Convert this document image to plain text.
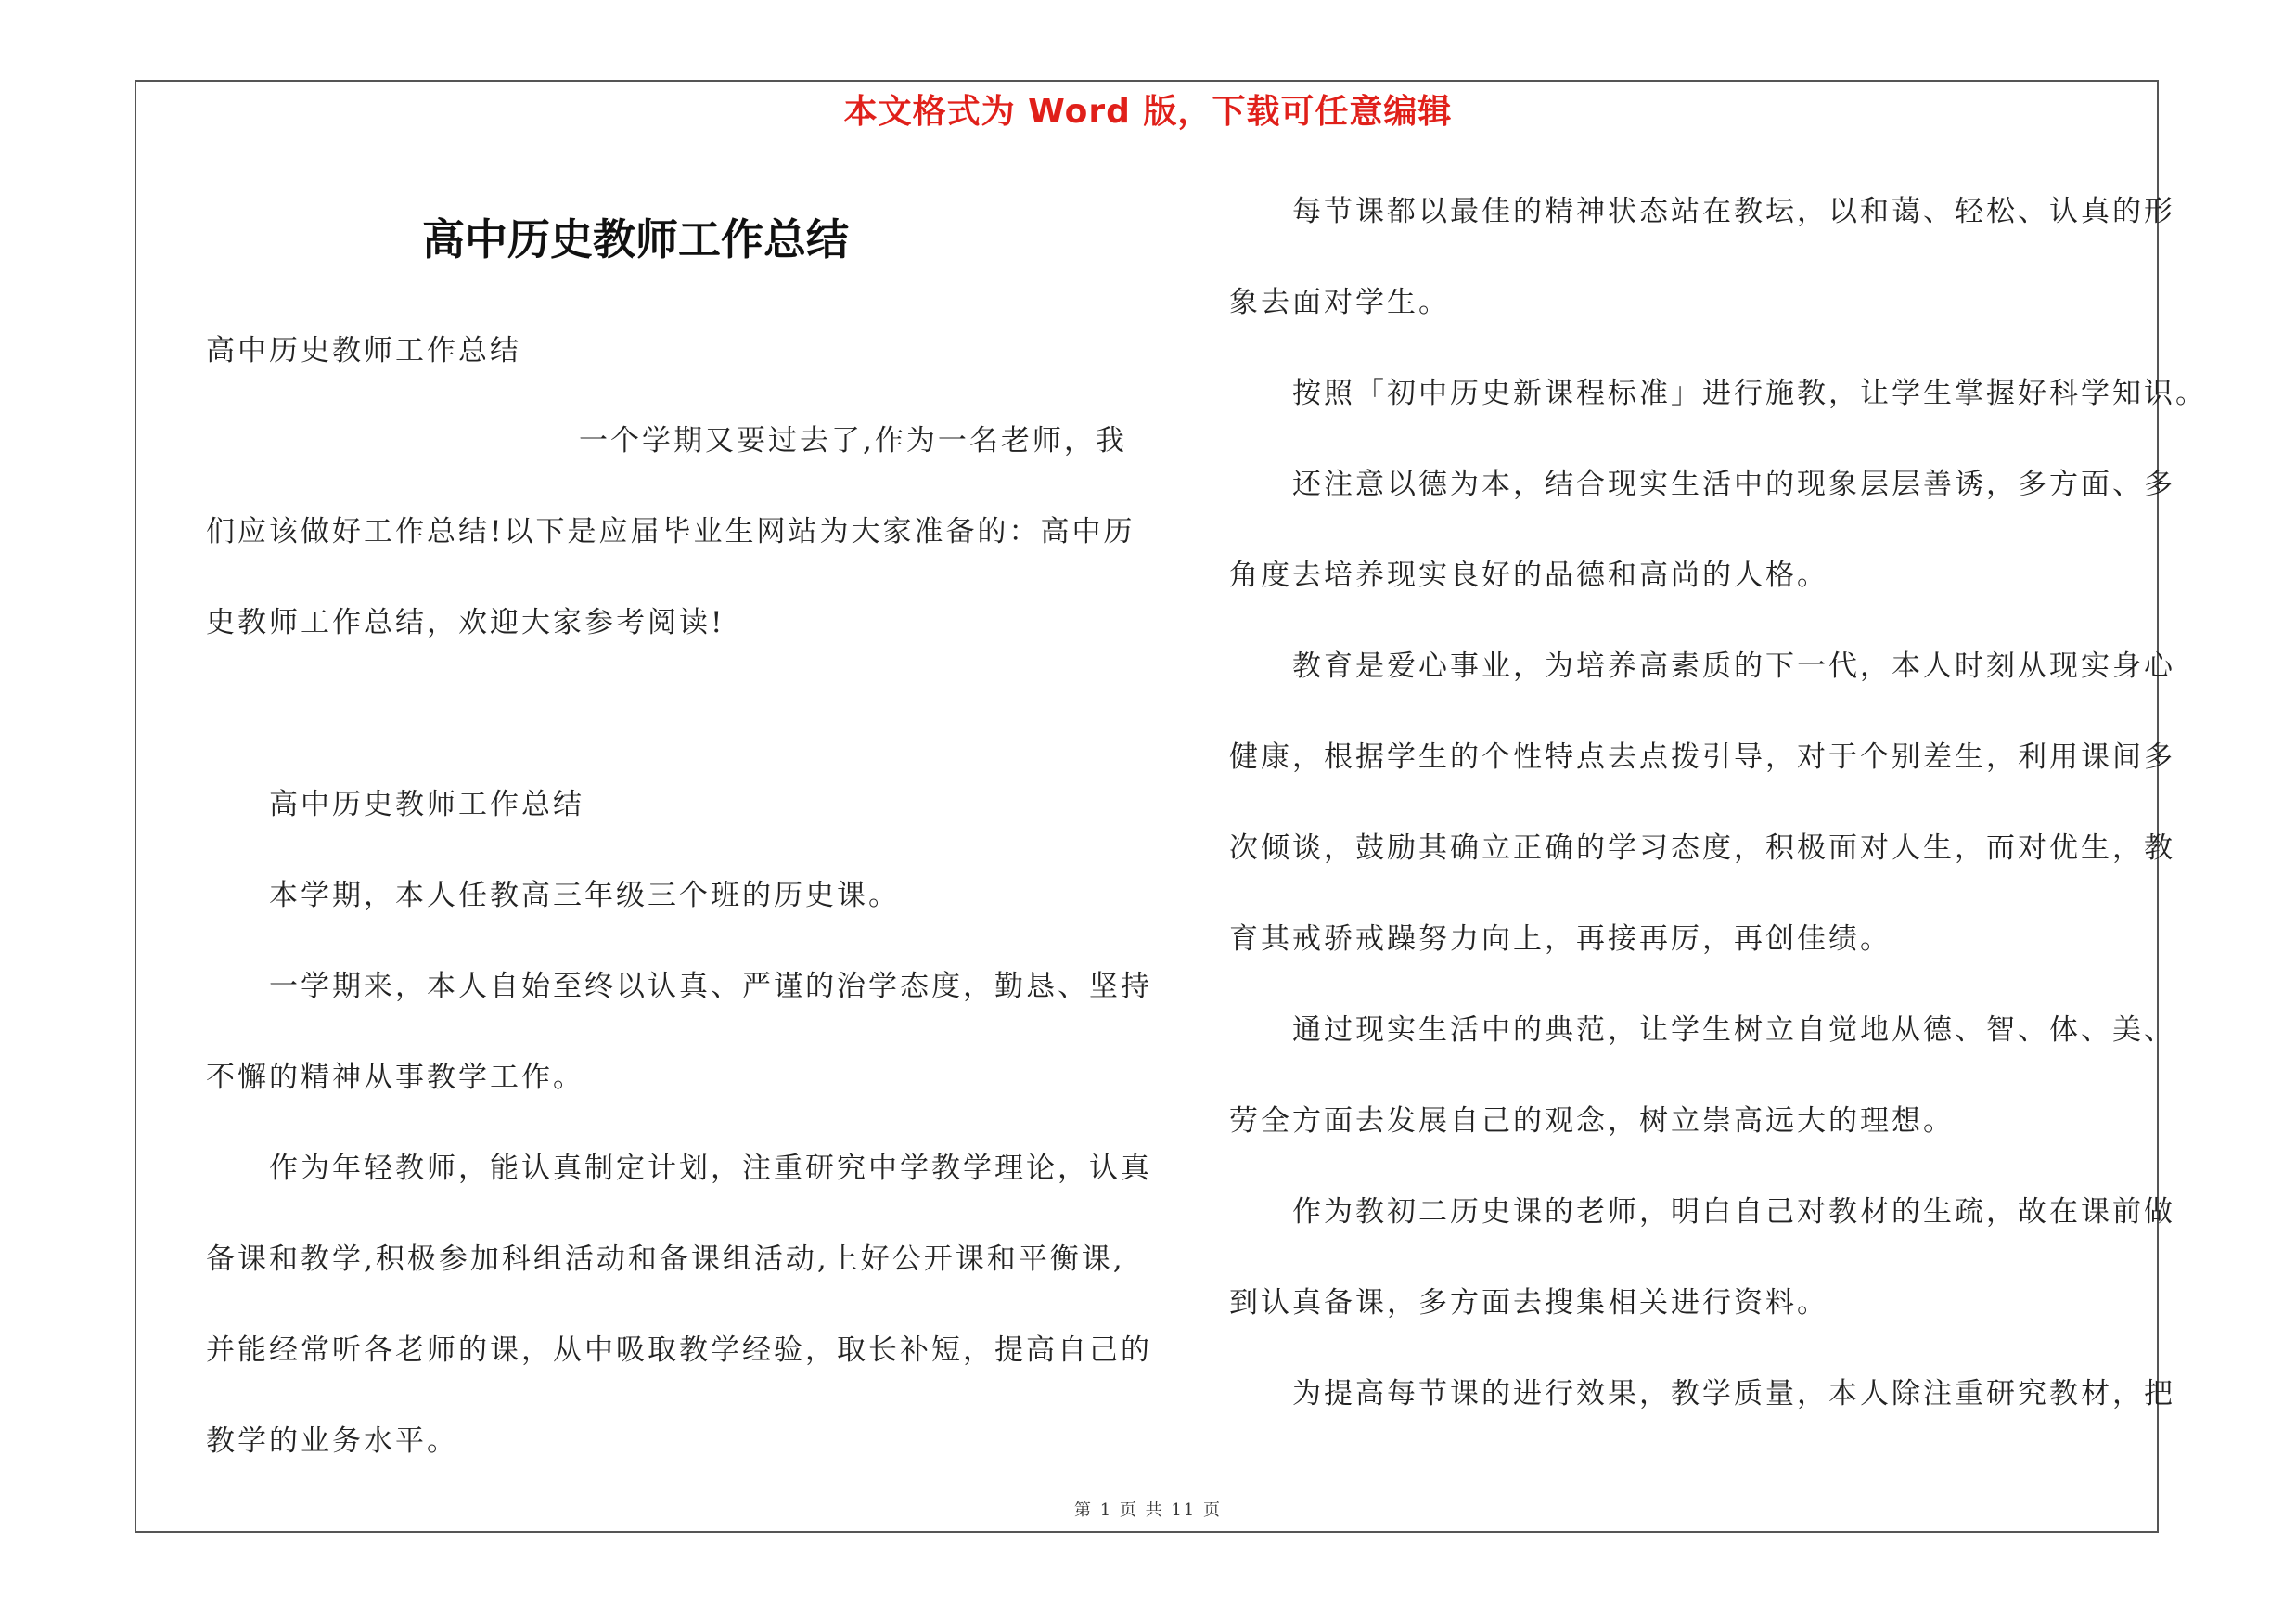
本文格式为 Word 版，下载可任意编辑
高中历史教师工作总结
高中历史教师工作总结
一个学期又要过去了,作为一名老师，我
们应该做好工作总结!以下是应届毕业生网站为大家准备的：高中历
史教师工作总结，欢迎大家参考阅读!
高中历史教师工作总结
本学期，本人任教高三年级三个班的历史课。
一学期来，本人自始至终以认真、严谨的治学态度，勤恳、坚持
不懈的精神从事教学工作。
作为年轻教师，能认真制定计划，注重研究中学教学理论，认真
备课和教学,积极参加科组活动和备课组活动,上好公开课和平衡课,
并能经常听各老师的课，从中吸取教学经验，取长补短，提高自己的
教学的业务水平。
每节课都以最佳的精神状态站在教坛，以和蔼、轻松、认真的形
象去面对学生。
按照「初中历史新课程标准」进行施教，让学生掌握好科学知识。
还注意以德为本，结合现实生活中的现象层层善诱，多方面、多
角度去培养现实良好的品德和高尚的人格。
教育是爱心事业，为培养高素质的下一代，本人时刻从现实身心
健康，根据学生的个性特点去点拨引导，对于个别差生，利用课间多
次倾谈，鼓励其确立正确的学习态度，积极面对人生，而对优生，教
育其戒骄戒躁努力向上，再接再厉，再创佳绩。
通过现实生活中的典范，让学生树立自觉地从德、智、体、美、
劳全方面去发展自己的观念，树立崇高远大的理想。
作为教初二历史课的老师，明白自己对教材的生疏，故在课前做
到认真备课，多方面去搜集相关进行资料。
为提高每节课的进行效果，教学质量，本人除注重研究教材，把
第 1 页 共 11 页
